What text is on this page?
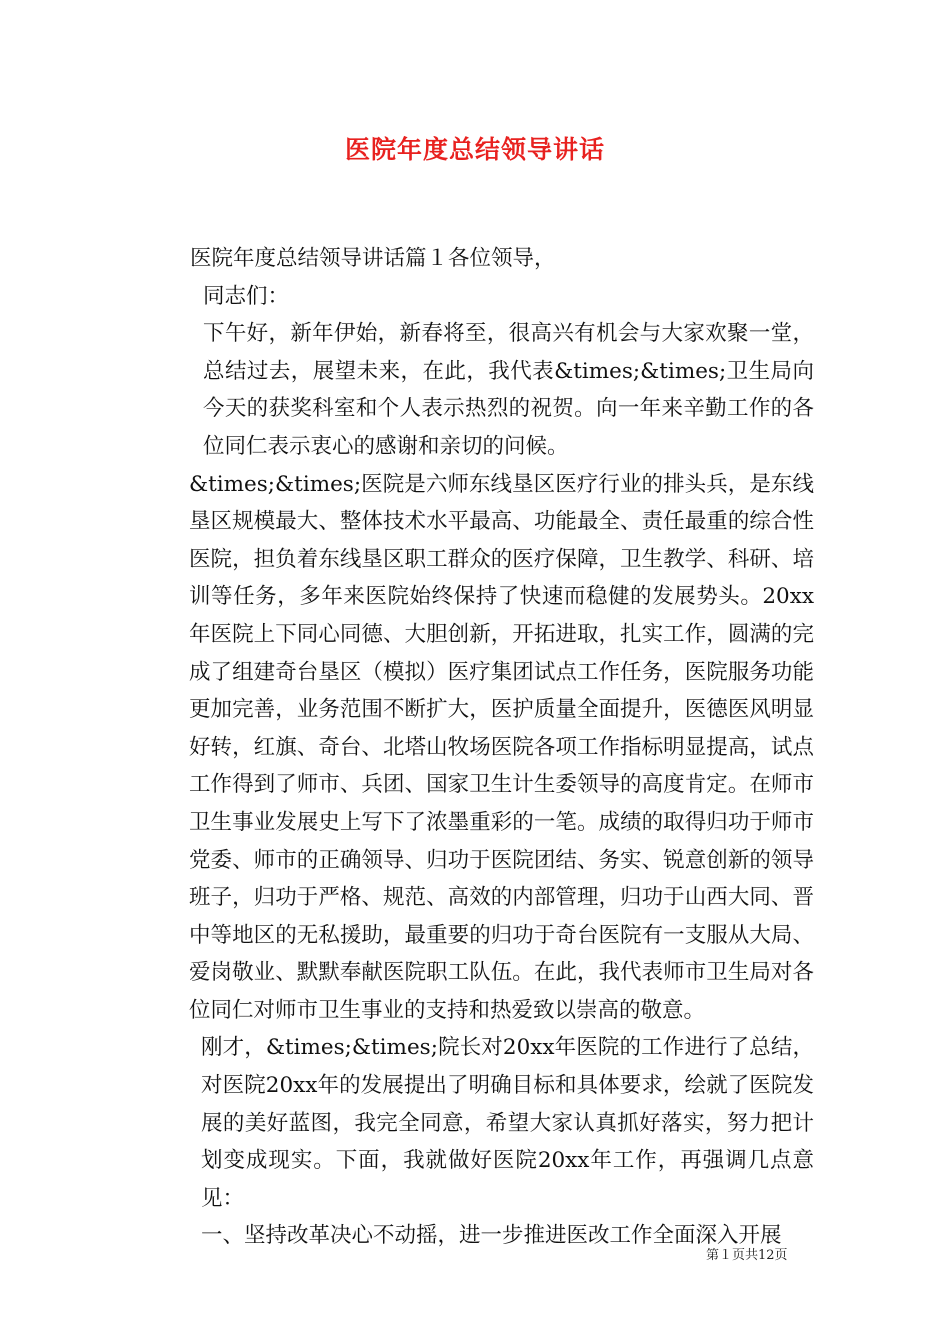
医院年度总结领导讲话

医院年度总结领导讲话篇１各位领导，

同志们：

下午好，新年伊始，新春将至，很高兴有机会与大家欢聚一堂，总结过去，展望未来，在此，我代表&times;&times;卫生局向今天的获奖科室和个人表示热烈的祝贺。向一年来辛勤工作的各位同仁表示衷心的感谢和亲切的问候。

&times;&times;医院是六师东线垦区医疗行业的排头兵，是东线垦区规模最大、整体技术水平最高、功能最全、责任最重的综合性医院，担负着东线垦区职工群众的医疗保障，卫生教学、科研、培训等任务，多年来医院始终保持了快速而稳健的发展势头。20xx年医院上下同心同德、大胆创新，开拓进取，扎实工作，圆满的完成了组建奇台垦区（模拟）医疗集团试点工作任务，医院服务功能更加完善，业务范围不断扩大，医护质量全面提升，医德医风明显好转，红旗、奇台、北塔山牧场医院各项工作指标明显提高，试点工作得到了师市、兵团、国家卫生计生委领导的高度肯定。在师市卫生事业发展史上写下了浓墨重彩的一笔。成绩的取得归功于师市党委、师市的正确领导、归功于医院团结、务实、锐意创新的领导班子，归功于严格、规范、高效的内部管理，归功于山西大同、晋中等地区的无私援助，最重要的归功于奇台医院有一支服从大局、爱岗敬业、默默奉献医院职工队伍。在此，我代表师市卫生局对各位同仁对师市卫生事业的支持和热爱致以崇高的敬意。

刚才，&times;&times;院长对20xx年医院的工作进行了总结，对医院20xx年的发展提出了明确目标和具体要求，绘就了医院发展的美好蓝图，我完全同意，希望大家认真抓好落实，努力把计划变成现实。下面，我就做好医院20xx年工作，再强调几点意见：

一、坚持改革决心不动摇，进一步推进医改工作全面深入开展

第１页共12页
